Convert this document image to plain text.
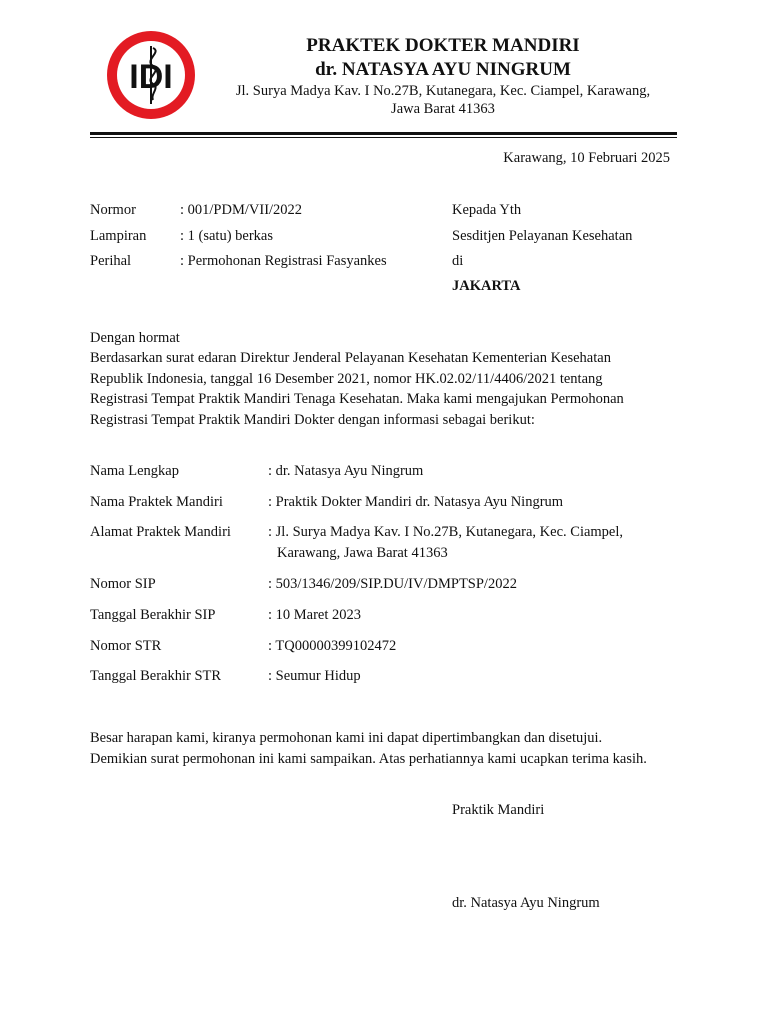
IDI
PRAKTEK DOKTER MANDIRI
dr. NATASYA AYU NINGRUM
Jl. Surya Madya Kav. I No.27B, Kutanegara, Kec. Ciampel, Karawang,
Jawa Barat 41363
Karawang, 10 Februari 2025
Normor	: 001/PDM/VII/2022
Lampiran : 1 (satu) berkas
Perihal	: Permohonan Registrasi Fasyankes
Kepada Yth
Sesditjen Pelayanan Kesehatan
di
JAKARTA
Dengan hormat
Berdasarkan surat edaran Direktur Jenderal Pelayanan Kesehatan Kementerian Kesehatan
Republik Indonesia, tanggal 16 Desember 2021, nomor HK.02.02/11/4406/2021 tentang
Registrasi Tempat Praktik Mandiri Tenaga Kesehatan. Maka kami mengajukan Permohonan
Registrasi Tempat Praktik Mandiri Dokter dengan informasi sebagai berikut:
Nama Lengkap	: dr. Natasya Ayu Ningrum
Nama Praktek Mandiri	: Praktik Dokter Mandiri dr. Natasya Ayu Ningrum
Alamat Praktek Mandiri	: Jl. Surya Madya Kav. I No.27B, Kutanegara, Kec. Ciampel,
Karawang, Jawa Barat 41363
Nomor SIP	: 503/1346/209/SIP.DU/IV/DMPTSP/2022
Tanggal Berakhir SIP	: 10 Maret 2023
Nomor STR	: TQ00000399102472
Tanggal Berakhir STR	: Seumur Hidup
Besar harapan kami, kiranya permohonan kami ini dapat dipertimbangkan dan disetujui.
Demikian surat permohonan ini kami sampaikan. Atas perhatiannya kami ucapkan terima kasih.
Praktik Mandiri
dr. Natasya Ayu Ningrum
